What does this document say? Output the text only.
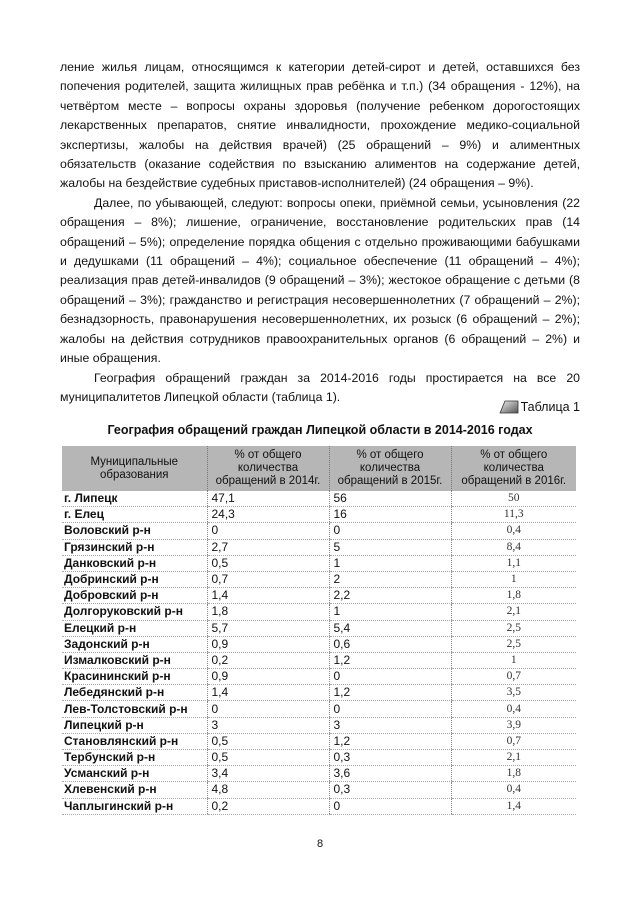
ление жилья лицам, относящимся к категории детей-сирот и детей, оставшихся без попечения родителей, защита жилищных прав ребёнка и т.п.) (34 обращения - 12%), на четвёртом месте – вопросы охраны здоровья (получение ребенком дорогостоящих лекарственных препаратов, снятие инвалидности, прохождение медико-социальной экспертизы, жалобы на действия врачей) (25 обращений – 9%) и алиментных обязательств (оказание содействия по взысканию алиментов на содержание детей, жалобы на бездействие судебных приставов-исполнителей) (24 обращения – 9%).

Далее, по убывающей, следуют: вопросы опеки, приёмной семьи, усыновления (22 обращения – 8%); лишение, ограничение, восстановление родительских прав (14 обращений – 5%); определение порядка общения с отдельно проживающими бабушками и дедушками (11 обращений – 4%); социальное обеспечение (11 обращений – 4%); реализация прав детей-инвалидов (9 обращений – 3%); жестокое обращение с детьми (8 обращений – 3%); гражданство и регистрация несовершеннолетних (7 обращений – 2%); безнадзорность, правонарушения несовершеннолетних, их розыск (6 обращений – 2%); жалобы на действия сотрудников правоохранительных органов (6 обращений – 2%) и иные обращения.

География обращений граждан за 2014-2016 годы простирается на все 20 муниципалитетов Липецкой области (таблица 1).

Таблица 1
География обращений граждан Липецкой области в 2014-2016 годах
Муниципальные образования	% от общего количества обращений в 2014г.	% от общего количества обращений в 2015г.	% от общего количества обращений в 2016г.
г. Липецк	47,1	56	50
г. Елец	24,3	16	11,3
Воловский р-н	0	0	0,4
Грязинский р-н	2,7	5	8,4
Данковский р-н	0,5	1	1,1
Добринский р-н	0,7	2	1
Добровский р-н	1,4	2,2	1,8
Долгоруковский р-н	1,8	1	2,1
Елецкий р-н	5,7	5,4	2,5
Задонский р-н	0,9	0,6	2,5
Измалковский р-н	0,2	1,2	1
Красининский р-н	0,9	0	0,7
Лебедянский р-н	1,4	1,2	3,5
Лев-Толстовский р-н	0	0	0,4
Липецкий р-н	3	3	3,9
Становлянский р-н	0,5	1,2	0,7
Тербунский р-н	0,5	0,3	2,1
Усманский р-н	3,4	3,6	1,8
Хлевенский р-н	4,8	0,3	0,4
Чаплыгинский р-н	0,2	0	1,4
8
